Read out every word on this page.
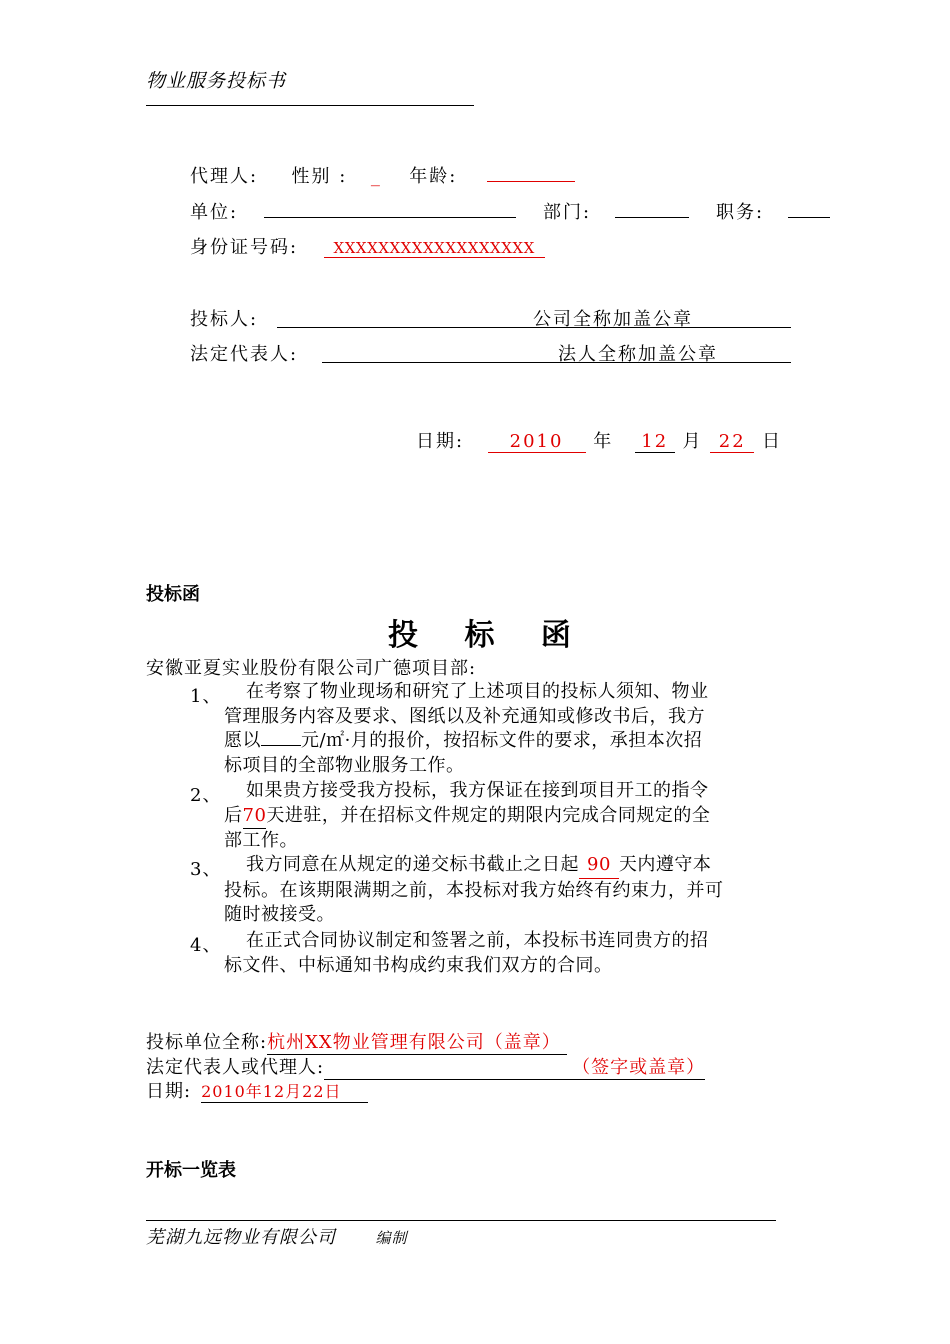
物业服务投标书
代理人: 性别 : _ 年龄:
单位:	部门:	职务:
身份证号码: XXXXXXXXXXXXXXXXXX
投标人:	公司全称加盖公章
法定代表人:	法人全称加盖公章
日期:	2010 年 12 月 22 日
投标函
投 标 函
安徽亚夏实业股份有限公司广德项目部:
1、	在考察了物业现场和研究了上述项目的投标人须知、物业
管理服务内容及要求、图纸以及补充通知或修改书后，我方
愿以 元/㎡·月的报价，按招标文件的要求，承担本次招
标项目的全部物业服务工作。
2、	如果贵方接受我方投标，我方保证在接到项目开工的指令
后70天进驻，并在招标文件规定的期限内完成合同规定的全
部工作。
3、	我方同意在从规定的递交标书截止之日起 90 天内遵守本
投标。在该期限满期之前，本投标对我方始终有约束力，并可
随时被接受。
4、	在正式合同协议制定和签署之前，本投标书连同贵方的招
标文件、中标通知书构成约束我们双方的合同。
投标单位全称:杭州XX物业管理有限公司（盖章）
法定代表人或代理人:	（签字或盖章）
日期: 2010年12月22日
开标一览表
芜湖九远物业有限公司	编制
